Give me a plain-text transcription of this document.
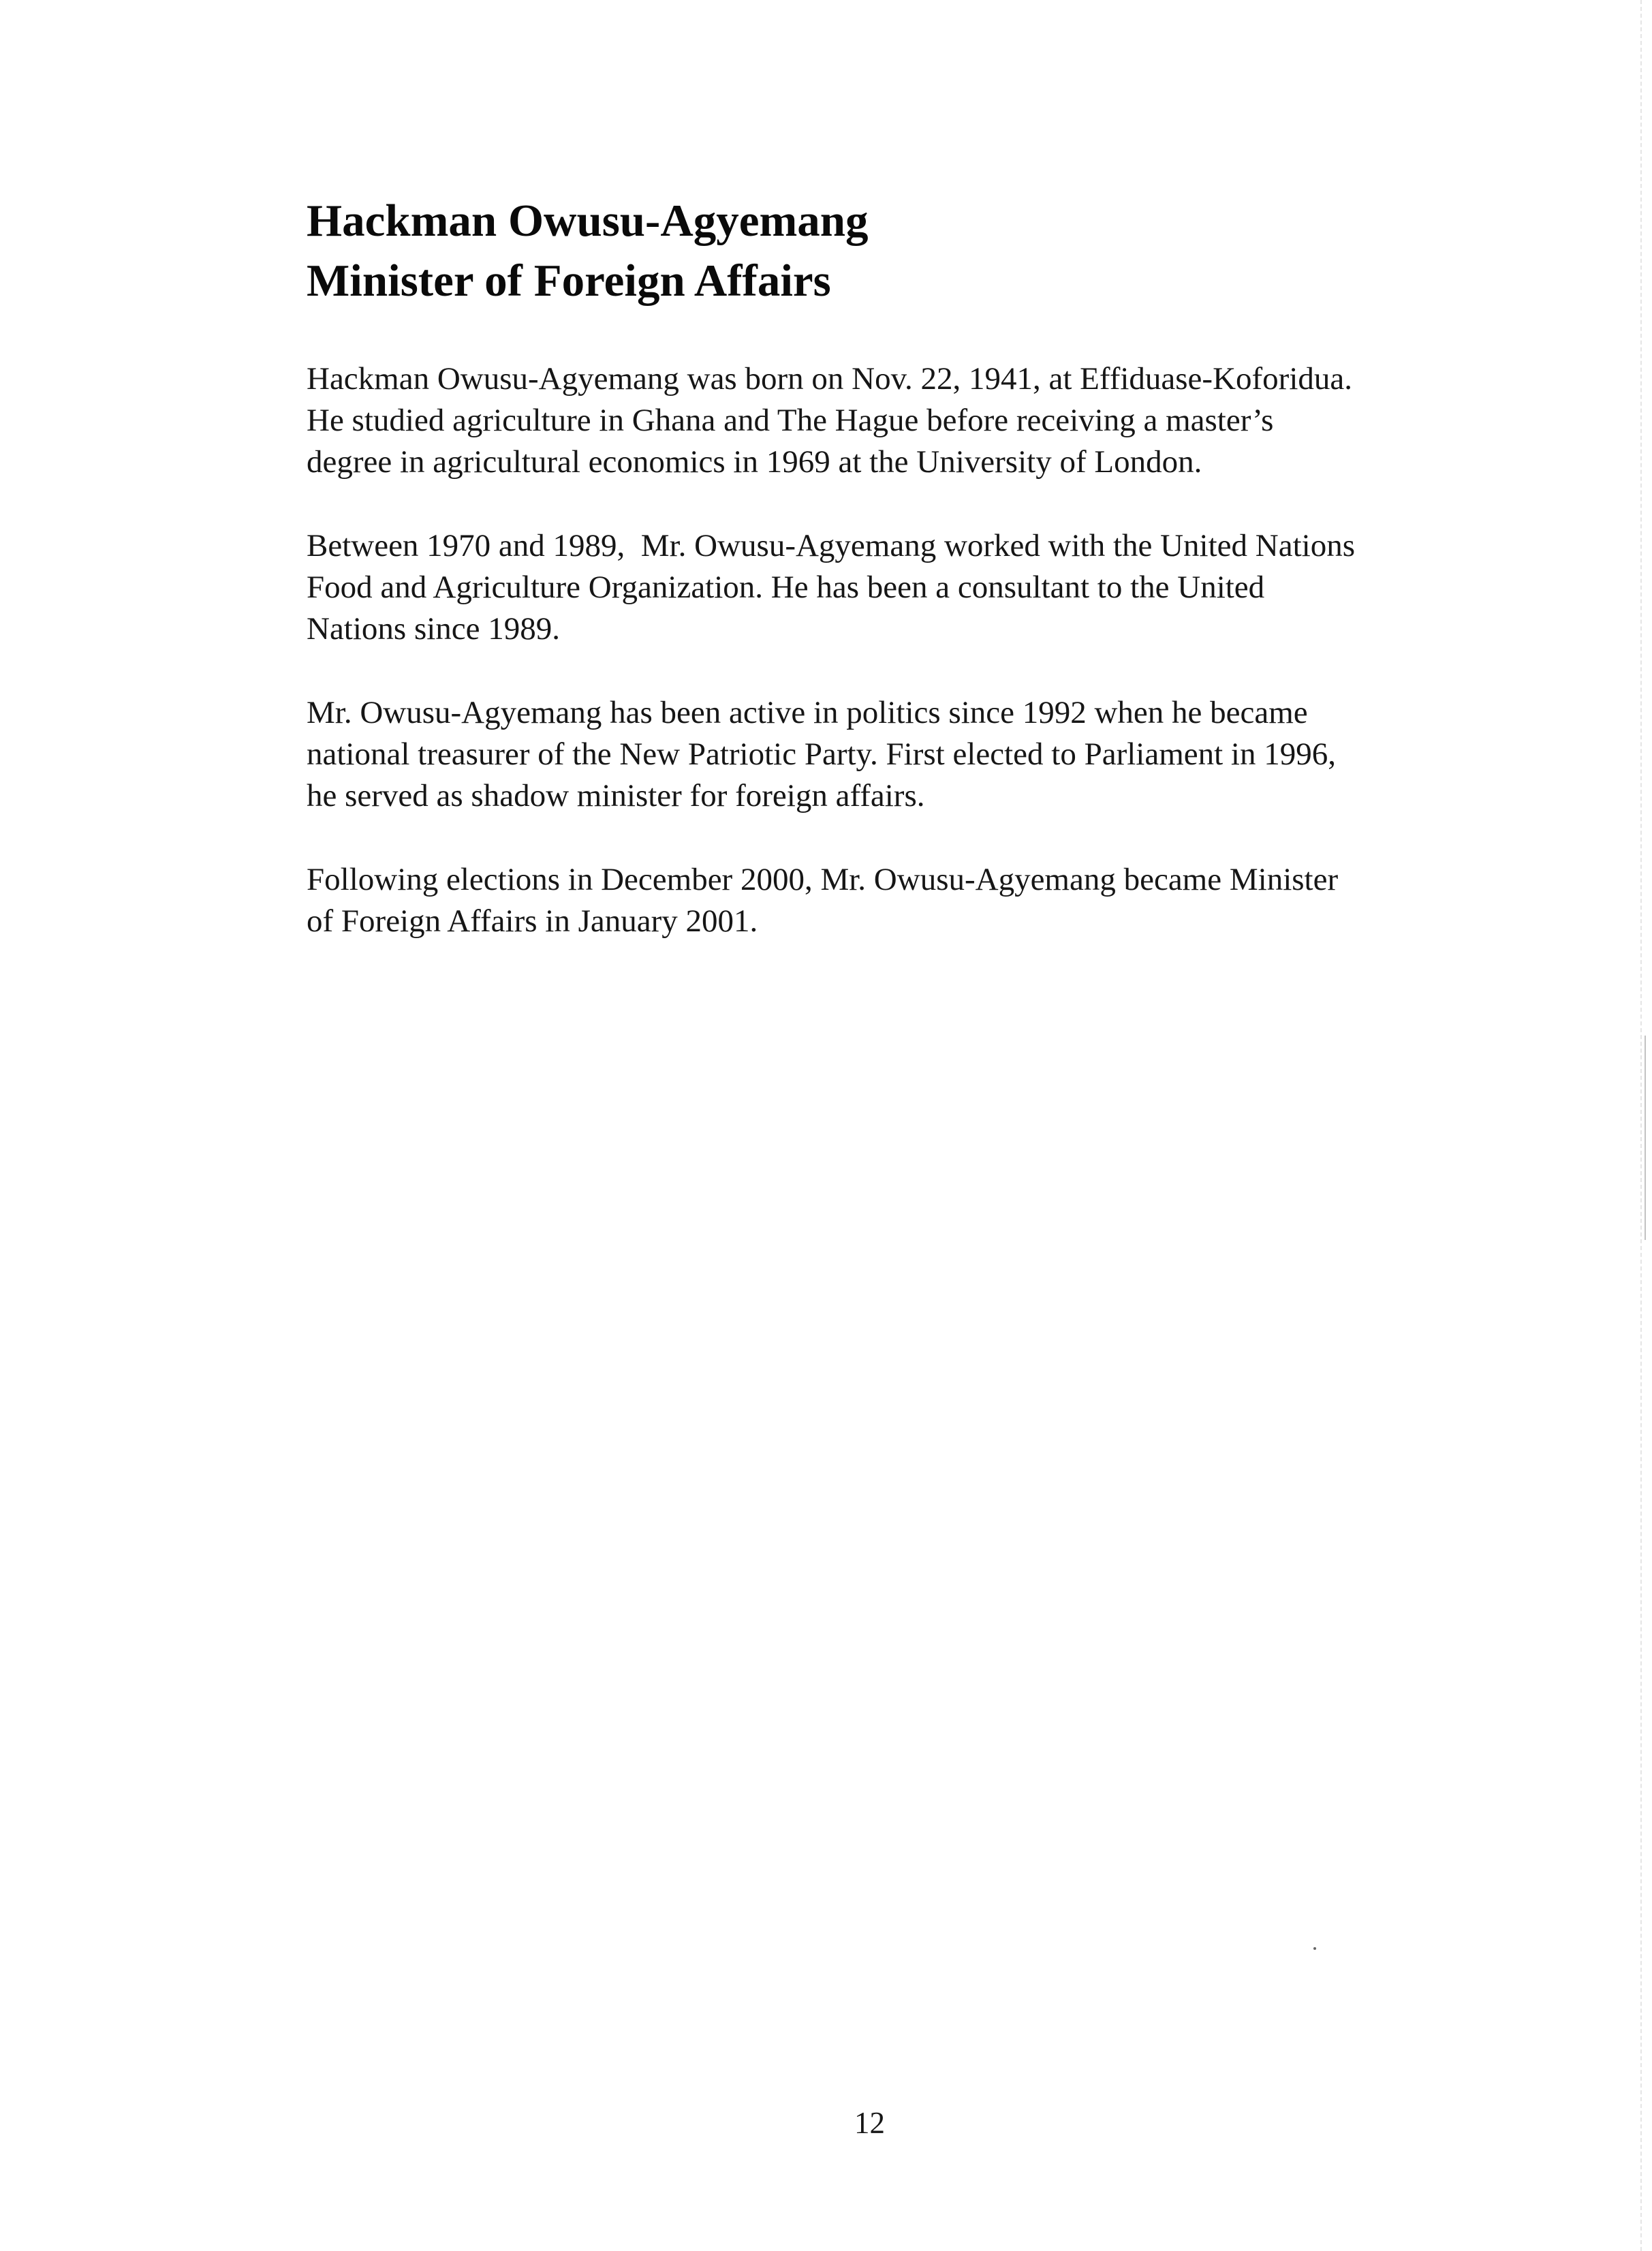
Hackman Owusu-Agyemang
Minister of Foreign Affairs

Hackman Owusu-Agyemang was born on Nov. 22, 1941, at Effiduase-Koforidua.
He studied agriculture in Ghana and The Hague before receiving a master’s
degree in agricultural economics in 1969 at the University of London.

Between 1970 and 1989,  Mr. Owusu-Agyemang worked with the United Nations
Food and Agriculture Organization. He has been a consultant to the United
Nations since 1989.

Mr. Owusu-Agyemang has been active in politics since 1992 when he became
national treasurer of the New Patriotic Party. First elected to Parliament in 1996,
he served as shadow minister for foreign affairs.

Following elections in December 2000, Mr. Owusu-Agyemang became Minister
of Foreign Affairs in January 2001.

12
